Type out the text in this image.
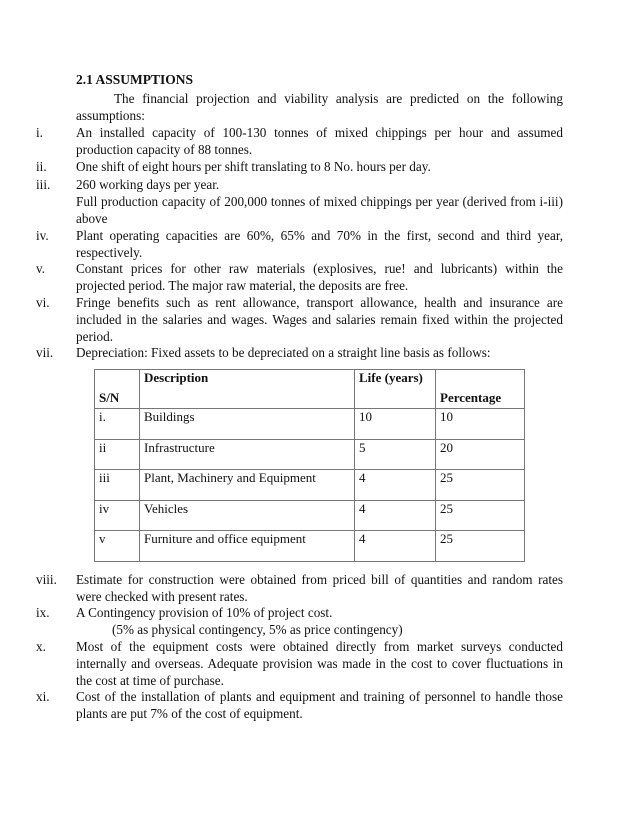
2.1 ASSUMPTIONS
The financial projection and viability analysis are predicted on the following assumptions:
i.	An installed capacity of 100-130 tonnes of mixed chippings per hour and assumed production capacity of 88 tonnes.
ii. One shift of eight hours per shift translating to 8 No. hours per day.
iii. 260 working days per year.
Full production capacity of 200,000 tonnes of mixed chippings per year (derived from i-iii) above
iv. Plant operating capacities are 60%, 65% and 70% in the first, second and third year, respectively.
v. Constant prices for other raw materials (explosives, rue! and lubricants) within the projected period. The major raw material, the deposits are free.
vi. Fringe benefits such as rent allowance, transport allowance, health and insurance are included in the salaries and wages. Wages and salaries remain fixed within the projected period.
vii. Depreciation: Fixed assets to be depreciated on a straight line basis as follows:
S/N	Description	Life (years)	Percentage
i.	Buildings	10	10
ii	Infrastructure	5	20
iii	Plant, Machinery and Equipment	4	25
iv	Vehicles	4	25
v	Furniture and office equipment	4	25
viii. Estimate for construction were obtained from priced bill of quantities and random rates were checked with present rates.
ix. A Contingency provision of 10% of project cost.
(5% as physical contingency, 5% as price contingency)
x. Most of the equipment costs were obtained directly from market surveys conducted internally and overseas. Adequate provision was made in the cost to cover fluctuations in the cost at time of purchase.
xi. Cost of the installation of plants and equipment and training of personnel to handle those plants are put 7% of the cost of equipment.
